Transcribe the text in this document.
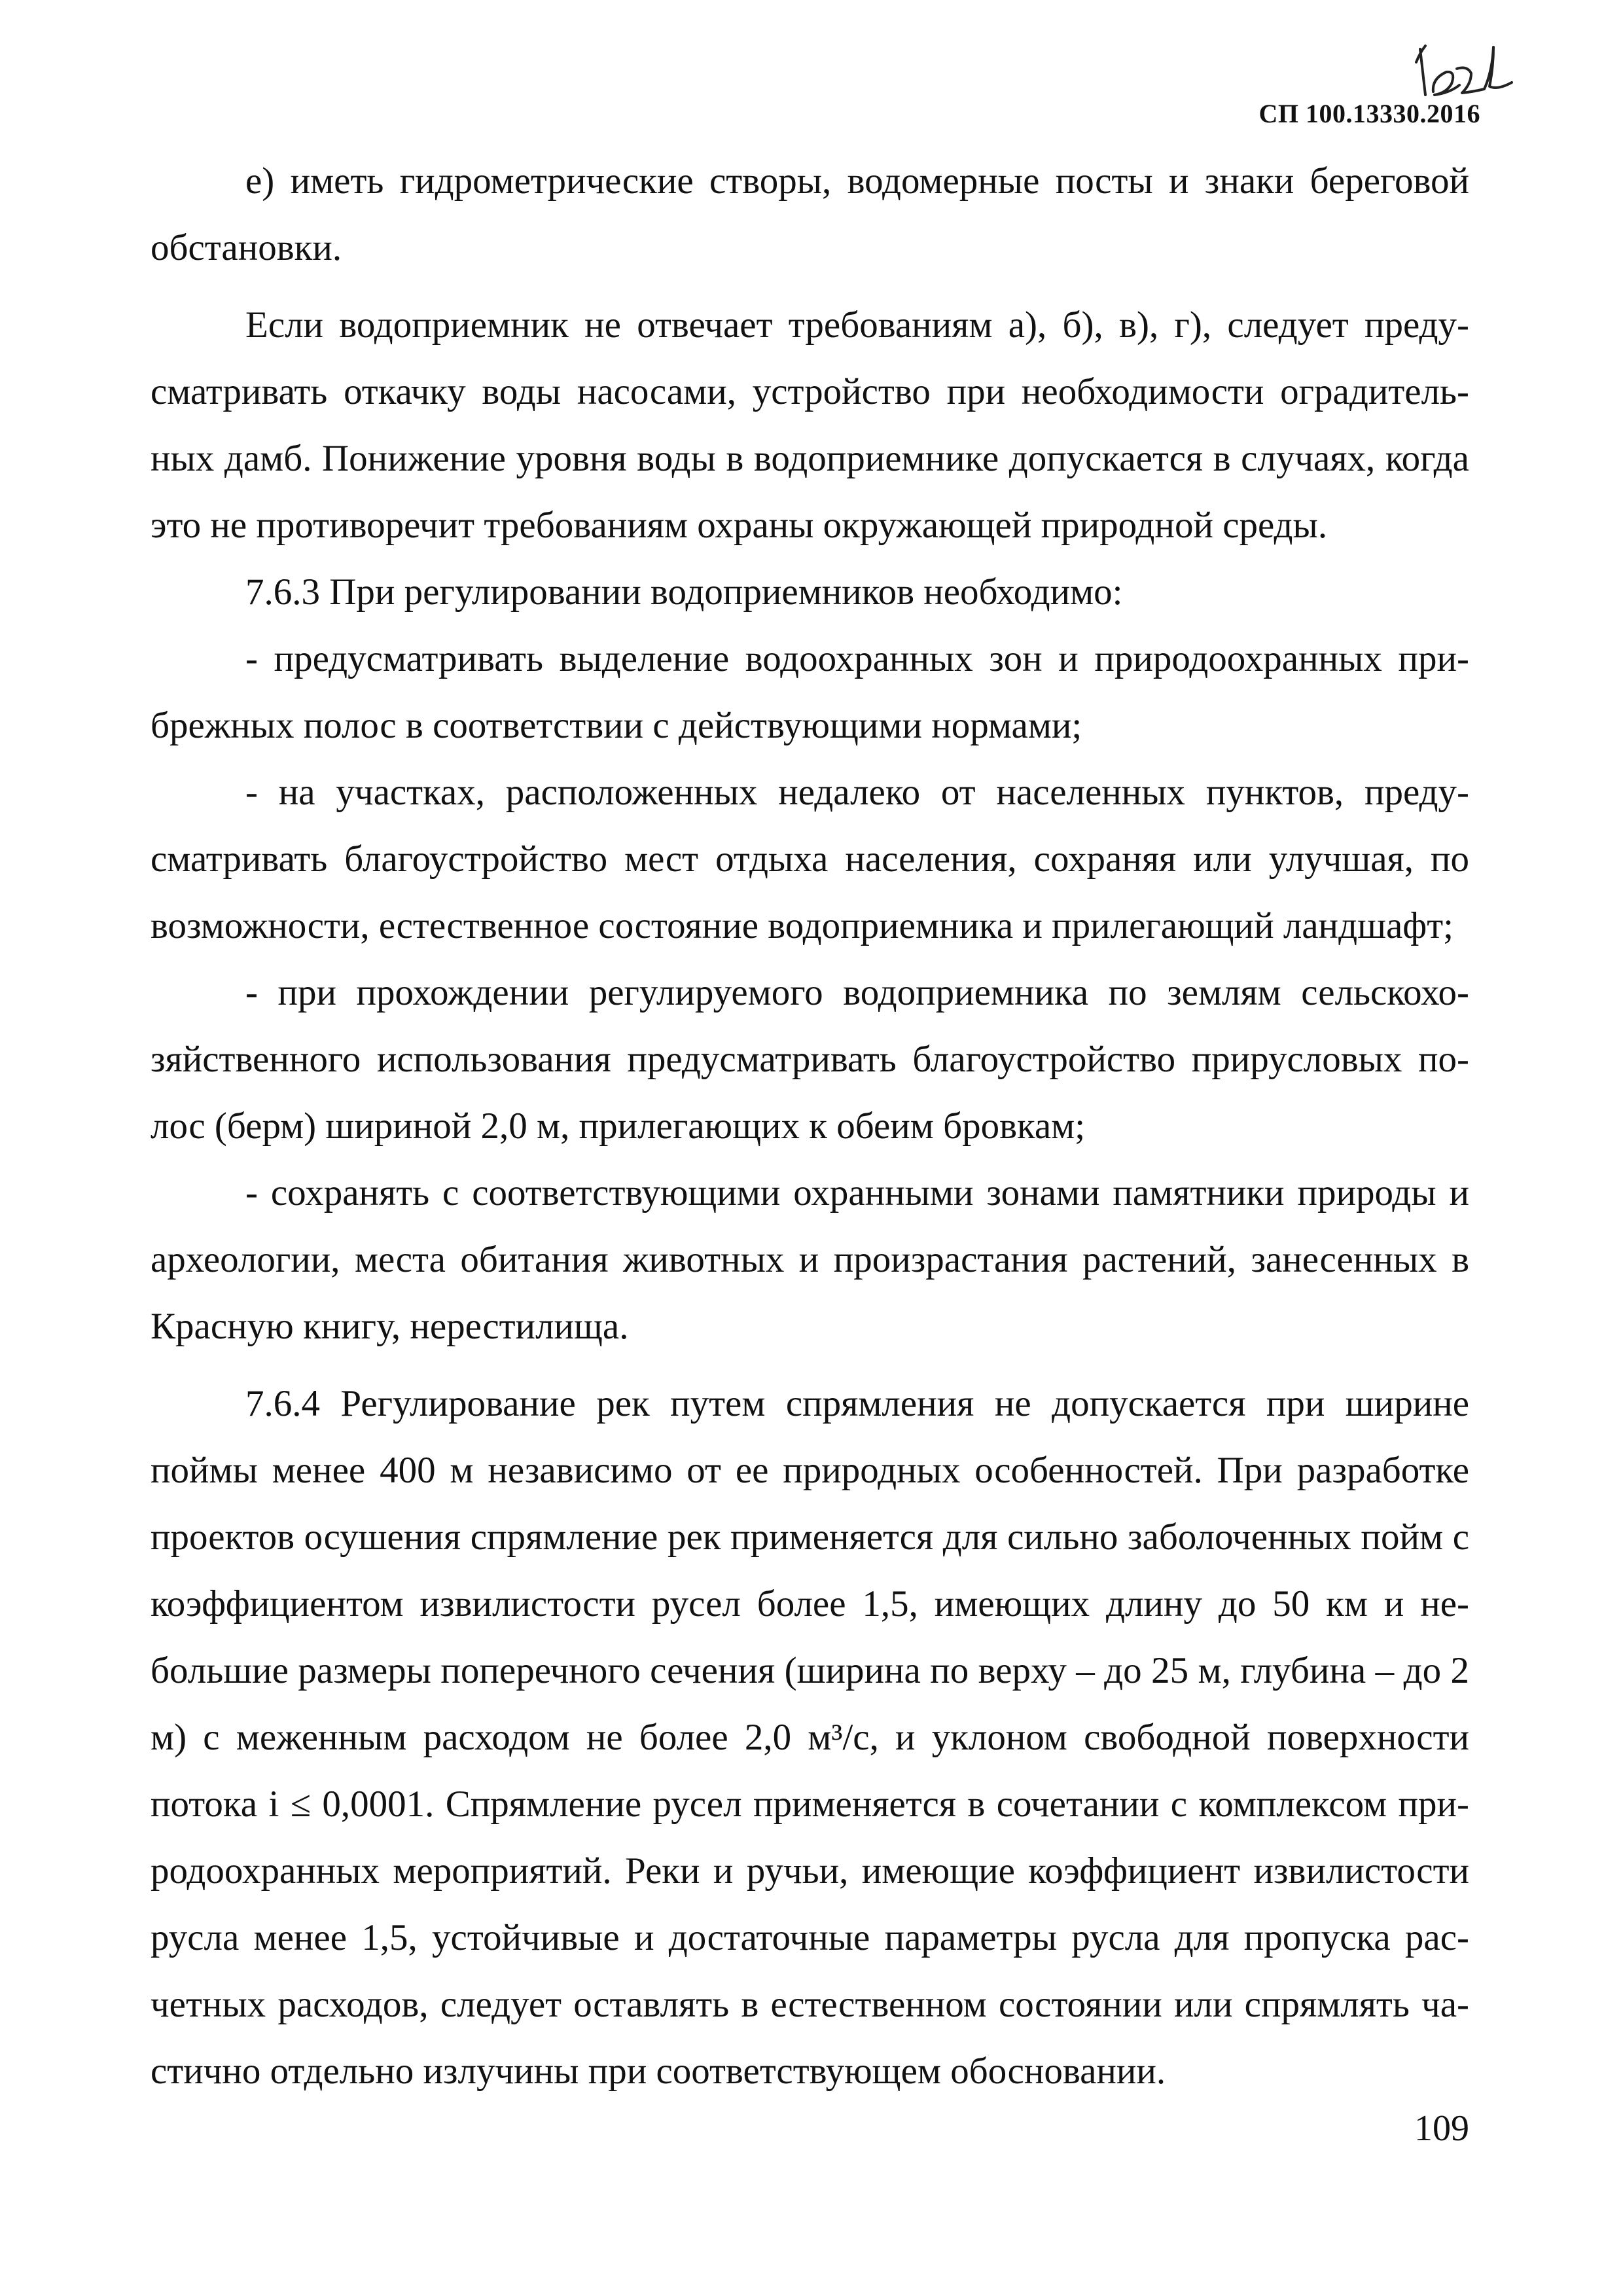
СП 100.13330.2016

е) иметь гидрометрические створы, водомерные посты и знаки береговой обстановки.

Если водоприемник не отвечает требованиям а), б), в), г), следует предусматривать откачку воды насосами, устройство при необходимости оградительных дамб. Понижение уровня воды в водоприемнике допускается в случаях, когда это не противоречит требованиям охраны окружающей природной среды.

7.6.3 При регулировании водоприемников необходимо:

- предусматривать выделение водоохранных зон и природоохранных прибрежных полос в соответствии с действующими нормами;

- на участках, расположенных недалеко от населенных пунктов, предусматривать благоустройство мест отдыха населения, сохраняя или улучшая, по возможности, естественное состояние водоприемника и прилегающий ландшафт;

- при прохождении регулируемого водоприемника по землям сельскохозяйственного использования предусматривать благоустройство прирусловых полос (берм) шириной 2,0 м, прилегающих к обеим бровкам;

- сохранять с соответствующими охранными зонами памятники природы и археологии, места обитания животных и произрастания растений, занесенных в Красную книгу, нерестилища.

7.6.4 Регулирование рек путем спрямления не допускается при ширине поймы менее 400 м независимо от ее природных особенностей. При разработке проектов осушения спрямление рек применяется для сильно заболоченных пойм с коэффициентом извилистости русел более 1,5, имеющих длину до 50 км и небольшие размеры поперечного сечения (ширина по верху – до 25 м, глубина – до 2 м) с меженным расходом не более 2,0 м³/с, и уклоном свободной поверхности потока i ≤ 0,0001. Спрямление русел применяется в сочетании с комплексом природоохранных мероприятий. Реки и ручьи, имеющие коэффициент извилистости русла менее 1,5, устойчивые и достаточные параметры русла для пропуска расчетных расходов, следует оставлять в естественном состоянии или спрямлять частично отдельно излучины при соответствующем обосновании.

109
